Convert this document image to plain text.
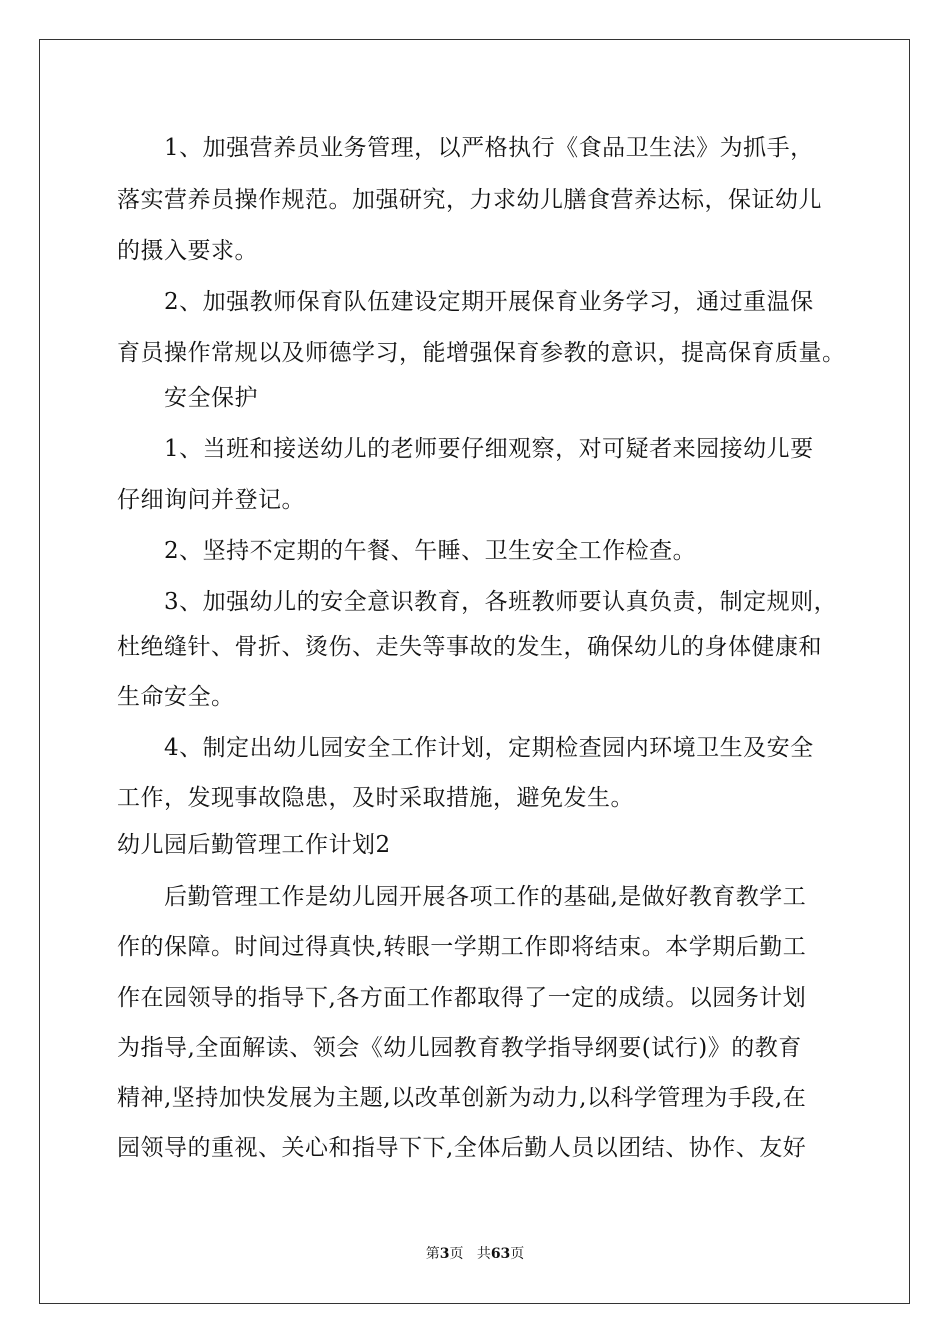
1、加强营养员业务管理，以严格执行《食品卫生法》为抓手，
落实营养员操作规范。加强研究，力求幼儿膳食营养达标，保证幼儿
的摄入要求。
2、加强教师保育队伍建设定期开展保育业务学习，通过重温保
育员操作常规以及师德学习，能增强保育参教的意识，提高保育质量。
安全保护
1、当班和接送幼儿的老师要仔细观察，对可疑者来园接幼儿要
仔细询问并登记。
2、坚持不定期的午餐、午睡、卫生安全工作检查。
3、加强幼儿的安全意识教育，各班教师要认真负责，制定规则，
杜绝缝针、骨折、烫伤、走失等事故的发生，确保幼儿的身体健康和
生命安全。
4、制定出幼儿园安全工作计划，定期检查园内环境卫生及安全
工作，发现事故隐患，及时采取措施，避免发生。
幼儿园后勤管理工作计划2
后勤管理工作是幼儿园开展各项工作的基础,是做好教育教学工
作的保障。时间过得真快,转眼一学期工作即将结束。本学期后勤工
作在园领导的指导下,各方面工作都取得了一定的成绩。以园务计划
为指导,全面解读、领会《幼儿园教育教学指导纲要(试行)》的教育
精神,坚持加快发展为主题,以改革创新为动力,以科学管理为手段,在
园领导的重视、关心和指导下下,全体后勤人员以团结、协作、友好
第3页 共63页
